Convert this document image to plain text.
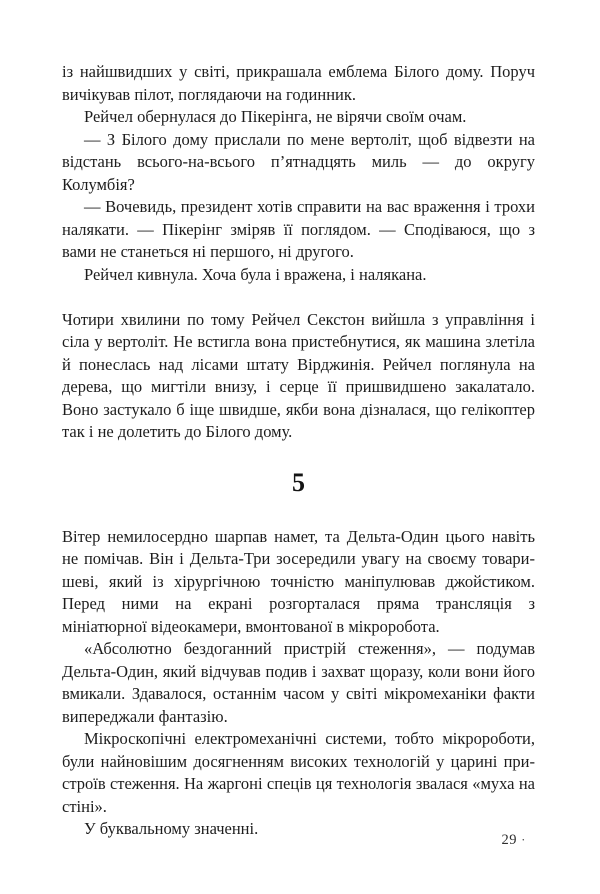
із найшвидших у світі, прикрашала емблема Білого дому. Поруч вичікував пілот, поглядаючи на годинник.

Рейчел обернулася до Пікерінга, не вірячи своїм очам.

— З Білого дому прислали по мене вертоліт, щоб відвезти на відстань всього-на-всього п’ятнадцять миль — до округу Колумбія?

— Вочевидь, президент хотів справити на вас враження і трохи налякати. — Пікерінг зміряв її поглядом. — Сподіваюся, що з вами не станеться ні першого, ні другого.

Рейчел кивнула. Хоча була і вражена, і налякана.

Чотири хвилини по тому Рейчел Секстон вийшла з управління і сіла у вертоліт. Не встигла вона пристебнутися, як машина злетіла й понеслась над лісами штату Вірджинія. Рейчел поглянула на дерева, що мигтіли внизу, і серце її пришвидшено закалатало. Воно застукало б іще швидше, якби вона дізналася, що гелікоптер так і не долетить до Білого дому.

5

Вітер немилосердно шарпав намет, та Дельта-Один цього навіть не помічав. Він і Дельта-Три зосередили увагу на своєму товаришеві, який із хірургічною точністю маніпулював джойстиком. Перед ними на екрані розгорталася пряма трансляція з мініатюрної відеокамери, вмонтованої в мікроробота.

«Абсолютно бездоганний пристрій стеження», — подумав Дельта-Один, який відчував подив і захват щоразу, коли вони його вмикали. Здавалося, останнім часом у світі мікромеханіки факти випереджали фантазію.

Мікроскопічні електромеханічні системи, тобто мікророботи, були найновішим досягненням високих технологій у царині пристроїв стеження. На жаргоні спеців ця технологія звалася «муха на стіні».

У буквальному значенні.

29 ·
